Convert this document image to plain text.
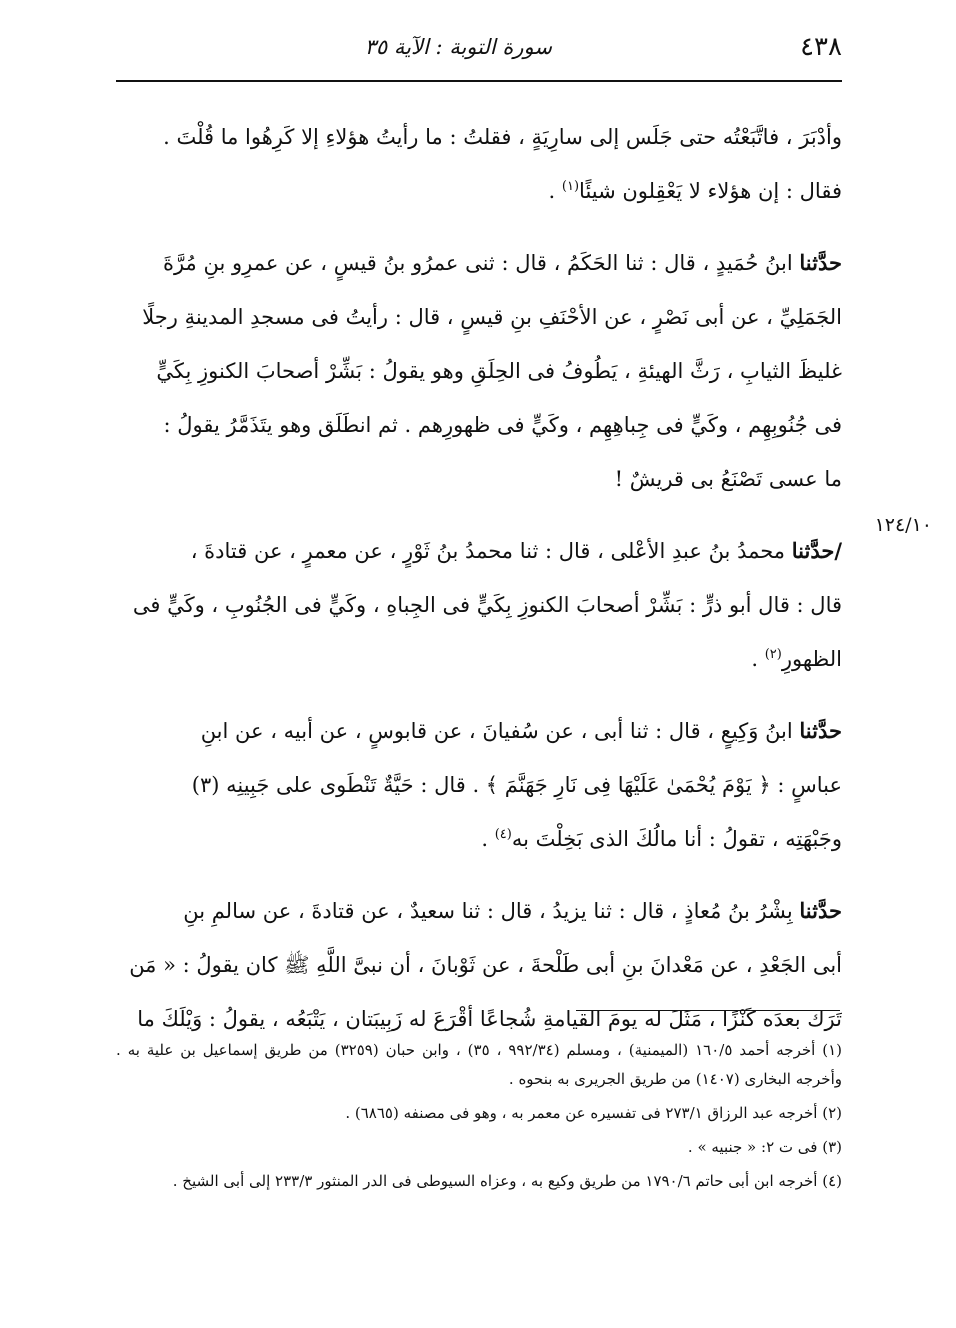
٤٣٨
سورة التوبة : الآية ٣٥
١٢٤/١٠
وأدْبَرَ ، فاتَّبَعْتُه حتى جَلَس إلى سارِيَةٍ ، فقلتُ : ما رأيتُ هؤلاءِ إلا كَرِهُوا ما قُلْتَ .
فقال : إن هؤلاء لا يَعْقِلون شيئًا$^{(١)}$ .
حدَّثنا ابنُ حُمَيدٍ ، قال : ثنا الحَكَمُ ، قال : ثنى عمرُو بنُ قيسٍ ، عن عمرِو بنِ مُرَّةَ
الجَمَلِيِّ ، عن أبى نَصْرٍ ، عن الأحْنَفِ بنِ قيسٍ ، قال : رأيتُ فى مسجدِ المدينةِ رجلًا
غليظَ الثيابِ ، رَثَّ الهيئةِ ، يَطُوفُ فى الحِلَقِ وهو يقولُ : بَشِّرْ أصحابَ الكنوزِ بِكَيٍّ
فى جُنُوبِهِم ، وكَيٍّ فى جِباهِهِم ، وكَيٍّ فى ظهورِهم . ثم انطَلَق وهو يتَذَمَّرُ يقولُ :
ما عسى تَصْنَعُ بى قريشٌ !
/حدَّثنا محمدُ بنُ عبدِ الأعْلى ، قال : ثنا محمدُ بنُ ثَوْرٍ ، عن معمرٍ ، عن قتادةَ ،
قال : قال أبو ذرٍّ : بَشِّرْ أصحابَ الكنوزِ بِكَيٍّ فى الجِباهِ ، وكَيٍّ فى الجُنُوبِ ، وكَيٍّ فى
الظهورِ$^{(٢)}$ .
حدَّثنا ابنُ وَكِيعٍ ، قال : ثنا أبى ، عن سُفيانَ ، عن قابوسٍ ، عن أبيه ، عن ابنِ
عباسٍ : ﴿ يَوْمَ يُحْمَىٰ عَلَيْهَا فِى نَارِ جَهَنَّمَ ﴾ . قال : حَيَّةٌ تَنْطَوى على جَبِينِه (٣)
وجَبْهَتِه ، تقولُ : أنا مالُكَ الذى بَخِلْتَ به$^{(٤)}$ .
حدَّثنا بِشْرُ بنُ مُعاذٍ ، قال : ثنا يزيدُ ، قال : ثنا سعيدٌ ، عن قتادةَ ، عن سالمِ بنِ
أبى الجَعْدِ ، عن مَعْدانَ بنِ أبى طَلْحةَ ، عن ثَوْبانَ ، أن نبىَّ اللَّهِ ﷺ كان يقولُ : « مَن
تَرَك بعدَه كَنْزًا ، مَثَلَ له يومَ القيامةِ شُجاعًا أقْرَعَ له زَبِيبَتان ، يَتْبَعُه ، يقولُ : وَيْلَكَ ما

(١) أخرجه أحمد ١٦٠/٥ (الميمنية) ، ومسلم (٩٩٢/٣٤ ، ٣٥) ، وابن حبان (٣٢٥٩) من طريق إسماعيل بن علية به . وأخرجه البخارى (١٤٠٧) من طريق الجريرى به بنحوه .

(٢) أخرجه عبد الرزاق ٢٧٣/١ فى تفسيره عن معمر به ، وهو فى مصنفه (٦٨٦٥) .

(٣) فى ت ٢: « جنبيه » .

(٤) أخرجه ابن أبى حاتم ١٧٩٠/٦ من طريق وكيع به ، وعزاه السيوطى فى الدر المنثور ٢٣٣/٣ إلى أبى الشيخ .
